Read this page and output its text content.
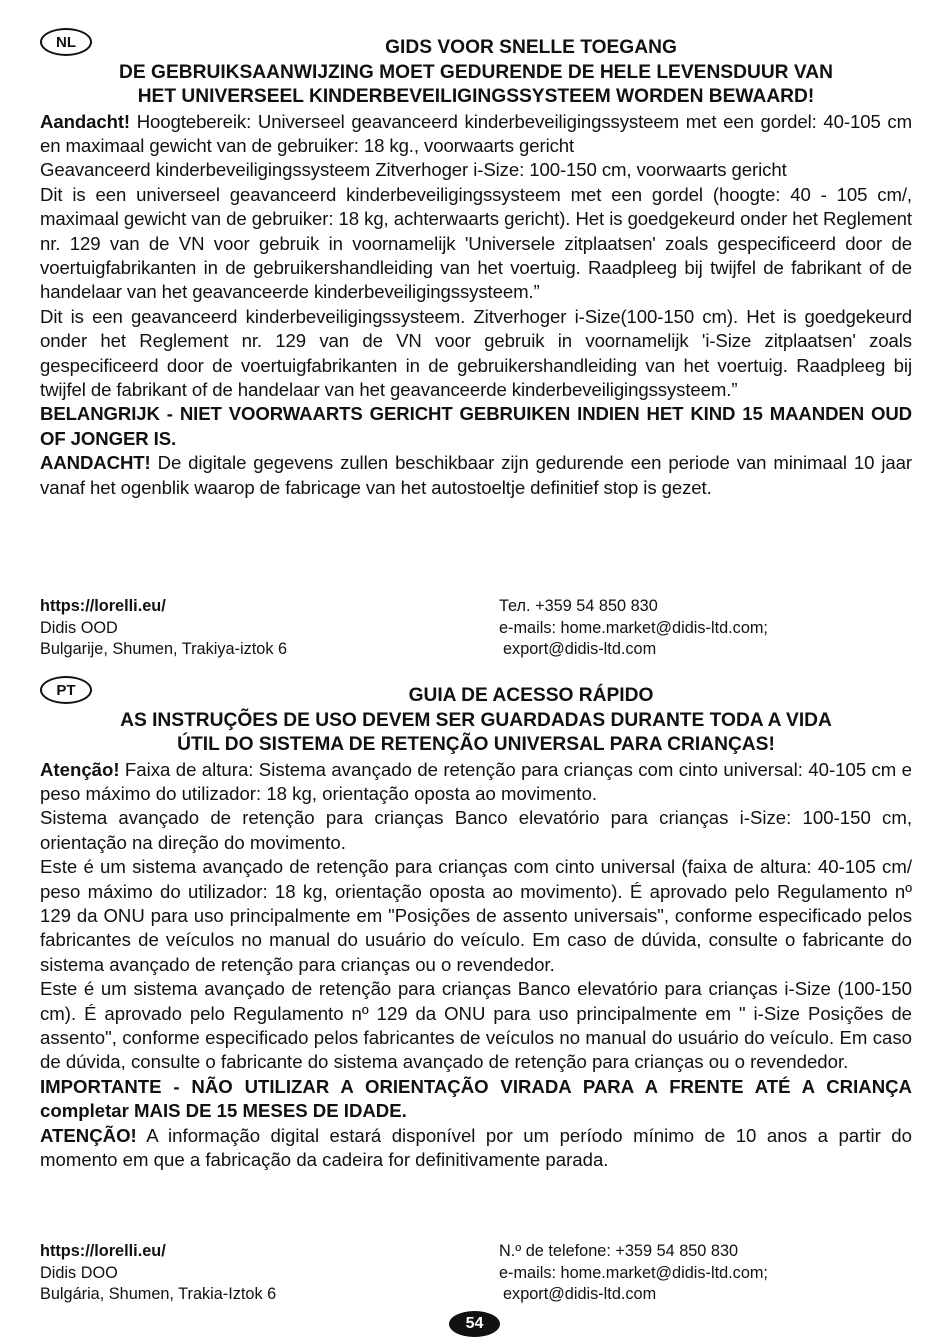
NL	GIDS VOOR SNELLE TOEGANG
DE GEBRUIKSAANWIJZING MOET GEDURENDE DE HELE LEVENSDUUR VAN
HET UNIVERSEEL KINDERBEVEILIGINGSSYSTEEM WORDEN BEWAARD!

Aandacht! Hoogtebereik: Universeel geavanceerd kinderbeveiligingssysteem met een gordel: 40-105 cm en maximaal gewicht van de gebruiker: 18 kg., voorwaarts gericht

Geavanceerd kinderbeveiligingssysteem Zitverhoger i-Size: 100-150 cm, voorwaarts gericht

Dit is een universeel geavanceerd kinderbeveiligingssysteem met een gordel (hoogte: 40 - 105 cm/, maximaal gewicht van de gebruiker: 18 kg, achterwaarts gericht). Het is goedgekeurd onder het Reglement nr. 129 van de VN voor gebruik in voornamelijk 'Universele zitplaatsen' zoals gespecificeerd door de voertuigfabrikanten in de gebruikershandleiding van het voertuig. Raadpleeg bij twijfel de fabrikant of de handelaar van het geavanceerde kinderbeveiligingssysteem.”

Dit is een geavanceerd kinderbeveiligingssysteem. Zitverhoger i-Size(100-150 cm). Het is goedgekeurd onder het Reglement nr. 129 van de VN voor gebruik in voornamelijk 'i-Size zitplaatsen' zoals gespecificeerd door de voertuigfabrikanten in de gebruikershandleiding van het voertuig. Raadpleeg bij twijfel de fabrikant of de handelaar van het geavanceerde kinderbeveiligingssysteem.”

BELANGRIJK - NIET VOORWAARTS GERICHT GEBRUIKEN INDIEN HET KIND 15 MAANDEN OUD OF JONGER IS.

AANDACHT! De digitale gegevens zullen beschikbaar zijn gedurende een periode van minimaal 10 jaar vanaf het ogenblik waarop de fabricage van het autostoeltje definitief stop is gezet.

https://lorelli.eu/
Didis OOD
Bulgarije, Shumen, Trakiya-iztok 6
Тел. +359 54 850 830
e-mails: home.market@didis-ltd.com;
export@didis-ltd.com
PT	GUIA DE ACESSO RÁPIDO
AS INSTRUÇÕES DE USO DEVEM SER GUARDADAS DURANTE TODA A VIDA
ÚTIL DO SISTEMA DE RETENÇÃO UNIVERSAL PARA CRIANÇAS!

Atenção! Faixa de altura: Sistema avançado de retenção para crianças com cinto universal: 40-105 cm e peso máximo do utilizador: 18 kg, orientação oposta ao movimento.

Sistema avançado de retenção para crianças Banco elevatório para crianças i-Size: 100-150 cm, orientação na direção do movimento.

Este é um sistema avançado de retenção para crianças com cinto universal (faixa de altura: 40-105 cm/ peso máximo do utilizador: 18 kg, orientação oposta ao movimento). É aprovado pelo Regulamento nº 129 da ONU para uso principalmente em "Posições de assento universais", conforme especificado pelos fabricantes de veículos no manual do usuário do veículo. Em caso de dúvida, consulte o fabricante do sistema avançado de retenção para crianças ou o revendedor.

Este é um sistema avançado de retenção para crianças Banco elevatório para crianças i-Size (100-150 cm). É aprovado pelo Regulamento nº 129 da ONU para uso principalmente em " i-Size Posições de assento", conforme especificado pelos fabricantes de veículos no manual do usuário do veículo. Em caso de dúvida, consulte o fabricante do sistema avançado de retenção para crianças ou o revendedor.

IMPORTANTE - NÃO UTILIZAR A ORIENTAÇÃO VIRADA PARA A FRENTE ATÉ A CRIANÇA completar MAIS DE 15 MESES DE IDADE.

ATENÇÃO! A informação digital estará disponível por um período mínimo de 10 anos a partir do momento em que a fabricação da cadeira for definitivamente parada.

https://lorelli.eu/
Didis DOO
Bulgária, Shumen, Trakia-Iztok 6
N.º de telefone: +359 54 850 830
e-mails: home.market@didis-ltd.com;
export@didis-ltd.com
54
